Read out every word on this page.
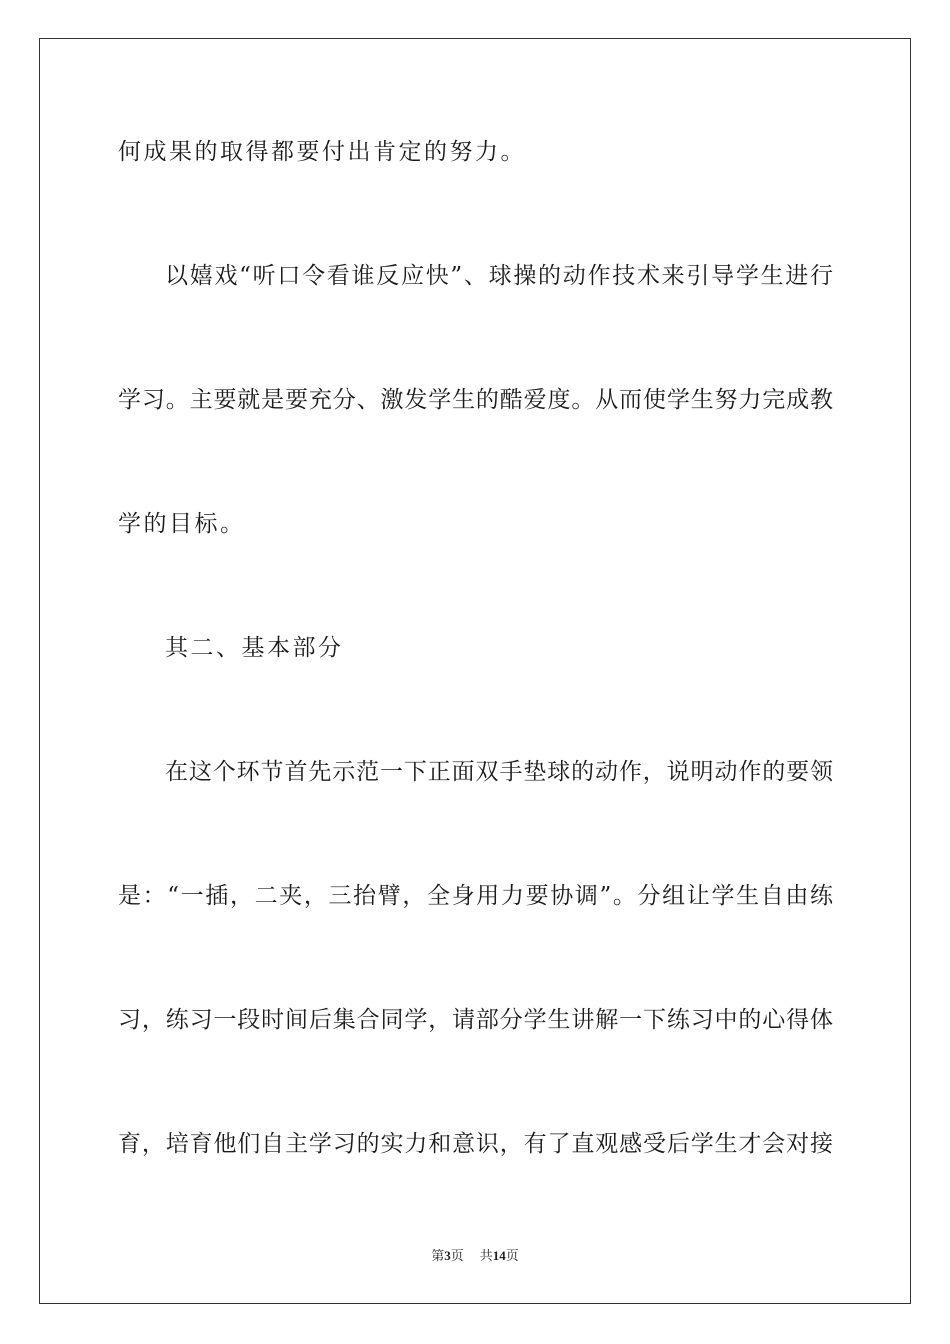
何成果的取得都要付出肯定的努力。
以嬉戏“听口令看谁反应快”、球操的动作技术来引导学生进行
学习。主要就是要充分、激发学生的酷爱度。从而使学生努力完成教
学的目标。
其二、基本部分
在这个环节首先示范一下正面双手垫球的动作，说明动作的要领
是：“一插，二夹，三抬臂，全身用力要协调”。分组让学生自由练
习，练习一段时间后集合同学，请部分学生讲解一下练习中的心得体
育，培育他们自主学习的实力和意识，有了直观感受后学生才会对接
第3页 共14页
